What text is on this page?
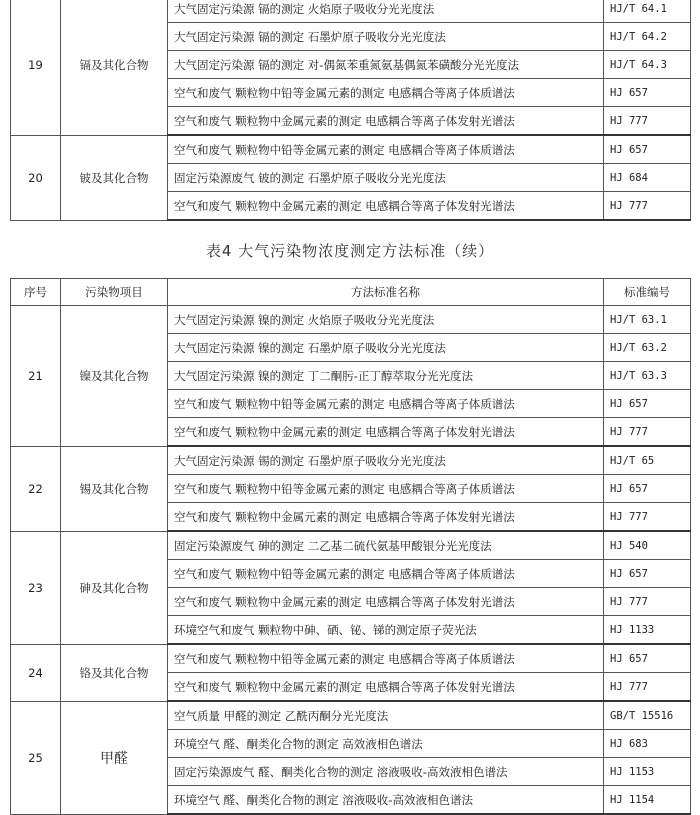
19	镉及其化合物	大气固定污染源 镉的测定 火焰原子吸收分光光度法	HJ/T 64.1
		大气固定污染源 镉的测定 石墨炉原子吸收分光光度法	HJ/T 64.2
		大气固定污染源 镉的测定 对-偶氮苯重氮氨基偶氮苯磺酸分光光度法	HJ/T 64.3
		空气和废气 颗粒物中铅等金属元素的测定 电感耦合等离子体质谱法	HJ 657
		空气和废气 颗粒物中金属元素的测定 电感耦合等离子体发射光谱法	HJ 777
20	铍及其化合物	空气和废气 颗粒物中铅等金属元素的测定 电感耦合等离子体质谱法	HJ 657
		固定污染源废气 铍的测定 石墨炉原子吸收分光光度法	HJ 684
		空气和废气 颗粒物中金属元素的测定 电感耦合等离子体发射光谱法	HJ 777
表4 大气污染物浓度测定方法标准（续）
序号	污染物项目	方法标准名称	标准编号
21	镍及其化合物	大气固定污染源 镍的测定 火焰原子吸收分光光度法	HJ/T 63.1
		大气固定污染源 镍的测定 石墨炉原子吸收分光光度法	HJ/T 63.2
		大气固定污染源 镍的测定 丁二酮肟-正丁醇萃取分光光度法	HJ/T 63.3
		空气和废气 颗粒物中铅等金属元素的测定 电感耦合等离子体质谱法	HJ 657
		空气和废气 颗粒物中金属元素的测定 电感耦合等离子体发射光谱法	HJ 777
22	锡及其化合物	大气固定污染源 锡的测定 石墨炉原子吸收分光光度法	HJ/T 65
		空气和废气 颗粒物中铅等金属元素的测定 电感耦合等离子体质谱法	HJ 657
		空气和废气 颗粒物中金属元素的测定 电感耦合等离子体发射光谱法	HJ 777
23	砷及其化合物	固定污染源废气 砷的测定 二乙基二硫代氨基甲酸银分光光度法	HJ 540
		空气和废气 颗粒物中铅等金属元素的测定 电感耦合等离子体质谱法	HJ 657
		空气和废气 颗粒物中金属元素的测定 电感耦合等离子体发射光谱法	HJ 777
		环境空气和废气 颗粒物中砷、硒、铋、锑的测定原子荧光法	HJ 1133
24	铬及其化合物	空气和废气 颗粒物中铅等金属元素的测定 电感耦合等离子体质谱法	HJ 657
		空气和废气 颗粒物中金属元素的测定 电感耦合等离子体发射光谱法	HJ 777
25	甲醛	空气质量 甲醛的测定 乙酰丙酮分光光度法	GB/T 15516
		环境空气 醛、酮类化合物的测定 高效液相色谱法	HJ 683
		固定污染源废气 醛、酮类化合物的测定 溶液吸收-高效液相色谱法	HJ 1153
		环境空气 醛、酮类化合物的测定 溶液吸收-高效液相色谱法	HJ 1154
